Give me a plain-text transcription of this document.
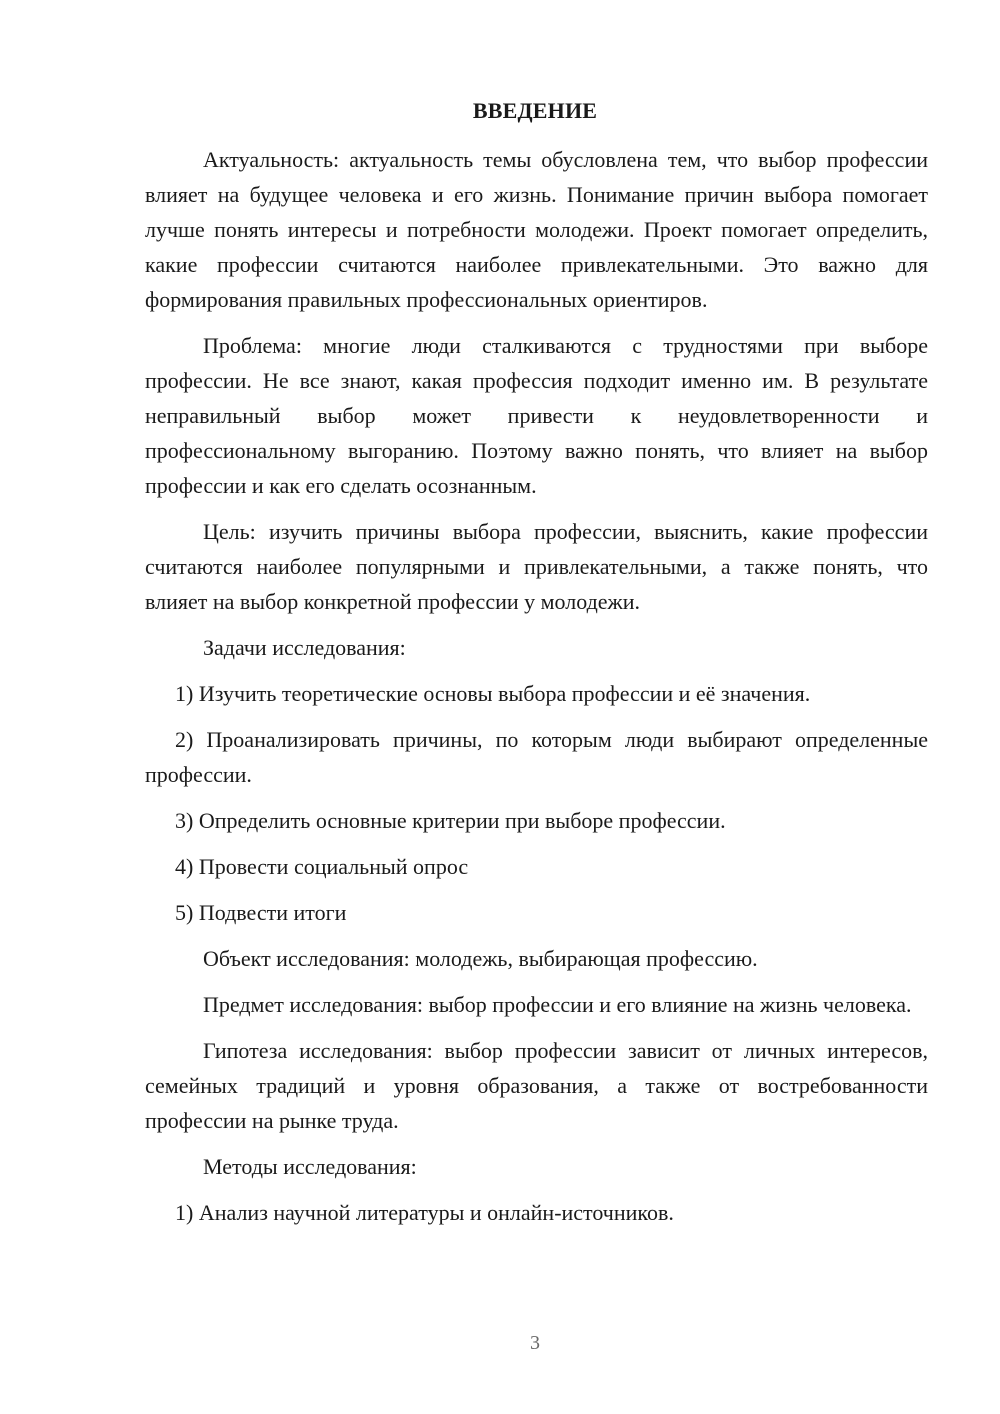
ВВЕДЕНИЕ

Актуальность: актуальность темы обусловлена тем, что выбор профессии влияет на будущее человека и его жизнь. Понимание причин выбора помогает лучше понять интересы и потребности молодежи. Проект помогает определить, какие профессии считаются наиболее привлекательными. Это важно для формирования правильных профессиональных ориентиров.

Проблема: многие люди сталкиваются с трудностями при выборе профессии. Не все знают, какая профессия подходит именно им. В результате неправильный выбор может привести к неудовлетворенности и профессиональному выгоранию. Поэтому важно понять, что влияет на выбор профессии и как его сделать осознанным.

Цель: изучить причины выбора профессии, выяснить, какие профессии считаются наиболее популярными и привлекательными, а также понять, что влияет на выбор конкретной профессии у молодежи.

Задачи исследования:

1) Изучить теоретические основы выбора профессии и её значения.

2) Проанализировать причины, по которым люди выбирают определенные профессии.

3) Определить основные критерии при выборе профессии.

4) Провести социальный опрос

5) Подвести итоги

Объект исследования: молодежь, выбирающая профессию.

Предмет исследования: выбор профессии и его влияние на жизнь человека.

Гипотеза исследования: выбор профессии зависит от личных интересов, семейных традиций и уровня образования, а также от востребованности профессии на рынке труда.

Методы исследования:

1) Анализ научной литературы и онлайн-источников.

3
